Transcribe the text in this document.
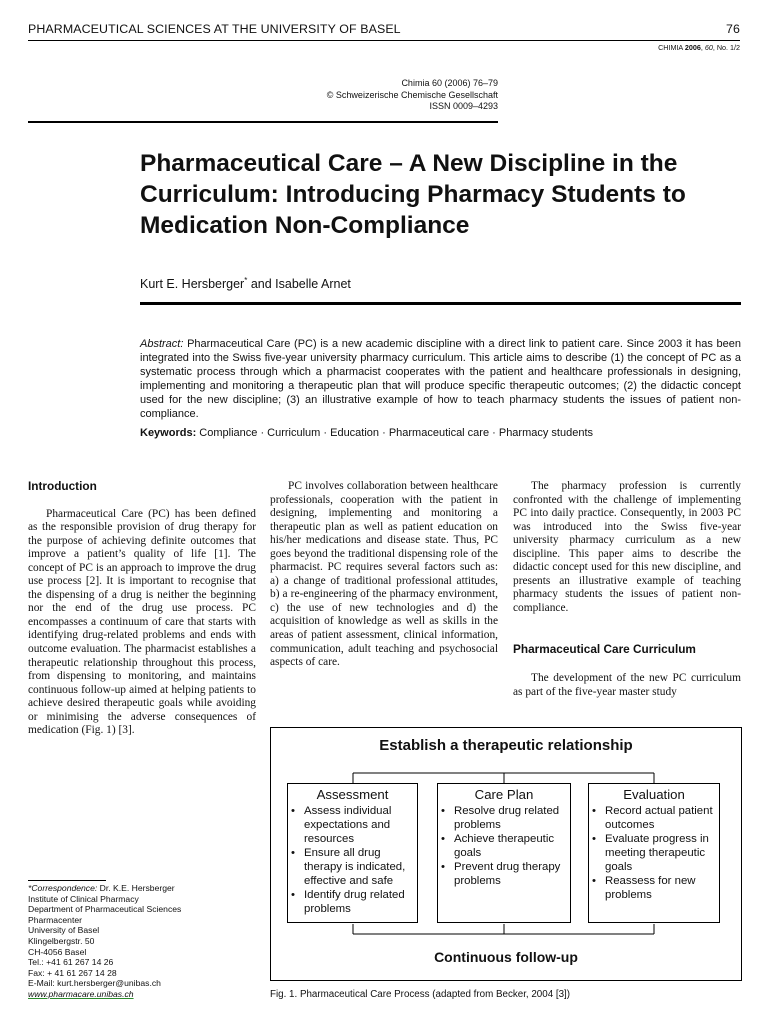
PHARMACEUTICAL SCIENCES AT THE UNIVERSITY OF BASEL	76
CHIMIA 2006, 60, No. 1/2
Chimia 60 (2006) 76–79
© Schweizerische Chemische Gesellschaft
ISSN 0009–4293
Pharmaceutical Care – A New Discipline in the Curriculum: Introducing Pharmacy Students to Medication Non-Compliance
Kurt E. Hersberger* and Isabelle Arnet
Abstract: Pharmaceutical Care (PC) is a new academic discipline with a direct link to patient care. Since 2003 it has been integrated into the Swiss five-year university pharmacy curriculum. This article aims to describe (1) the concept of PC as a systematic process through which a pharmacist cooperates with the patient and healthcare professionals in designing, implementing and monitoring a therapeutic plan that will produce specific therapeutic outcomes; (2) the didactic concept used for the new discipline; (3) an illustrative example of how to teach pharmacy students the issues of patient non-compliance.
Keywords: Compliance · Curriculum · Education · Pharmaceutical care · Pharmacy students

Introduction

Pharmaceutical Care (PC) has been defined as the responsible provision of drug therapy for the purpose of achieving definite outcomes that improve a patient’s quality of life [1]. The concept of PC is an approach to improve the drug use process [2]. It is important to recognise that the dispensing of a drug is neither the beginning nor the end of the drug use process. PC encompasses a continuum of care that starts with identifying drug-related problems and ends with outcome evaluation. The pharmacist establishes a therapeutic relationship throughout this process, from dispensing to monitoring, and maintains continuous follow-up aimed at helping patients to achieve desired therapeutic goals while avoiding or minimising the adverse consequences of medication (Fig. 1) [3].

PC involves collaboration between healthcare professionals, cooperation with the patient in designing, implementing and monitoring a therapeutic plan as well as patient education on his/her medications and disease state. Thus, PC goes beyond the traditional dispensing role of the pharmacist. PC requires several factors such as: a) a change of traditional professional attitudes, b) a re-engineering of the pharmacy environment, c) the use of new technologies and d) the acquisition of knowledge as well as skills in the areas of patient assessment, clinical information, communication, adult teaching and psychosocial aspects of care.

The pharmacy profession is currently confronted with the challenge of implementing PC into daily practice. Consequently, in 2003 PC was introduced into the Swiss five-year university pharmacy curriculum as a new discipline. This paper aims to describe the didactic concept used for this new discipline, and presents an illustrative example of teaching pharmacy students the issues of patient non-compliance.

Pharmaceutical Care Curriculum

The development of the new PC curriculum as part of the five-year master study

*Correspondence: Dr. K.E. Hersberger
Institute of Clinical Pharmacy
Department of Pharmaceutical Sciences
Pharmacenter
University of Basel
Klingelbergstr. 50
CH-4056 Basel
Tel.: +41 61 267 14 26
Fax: + 41 61 267 14 28
E-Mail: kurt.hersberger@unibas.ch
www.pharmacare.unibas.ch
Establish a therapeutic relationship
Assessment
• Assess individual expectations and resources
• Ensure all drug therapy is indicated, effective and safe
• Identify drug related problems
Care Plan
• Resolve drug related problems
• Achieve therapeutic goals
• Prevent drug therapy problems
Evaluation
• Record actual patient outcomes
• Evaluate progress in meeting therapeutic goals
• Reassess for new problems
Continuous follow-up
Fig. 1. Pharmaceutical Care Process (adapted from Becker, 2004 [3])
